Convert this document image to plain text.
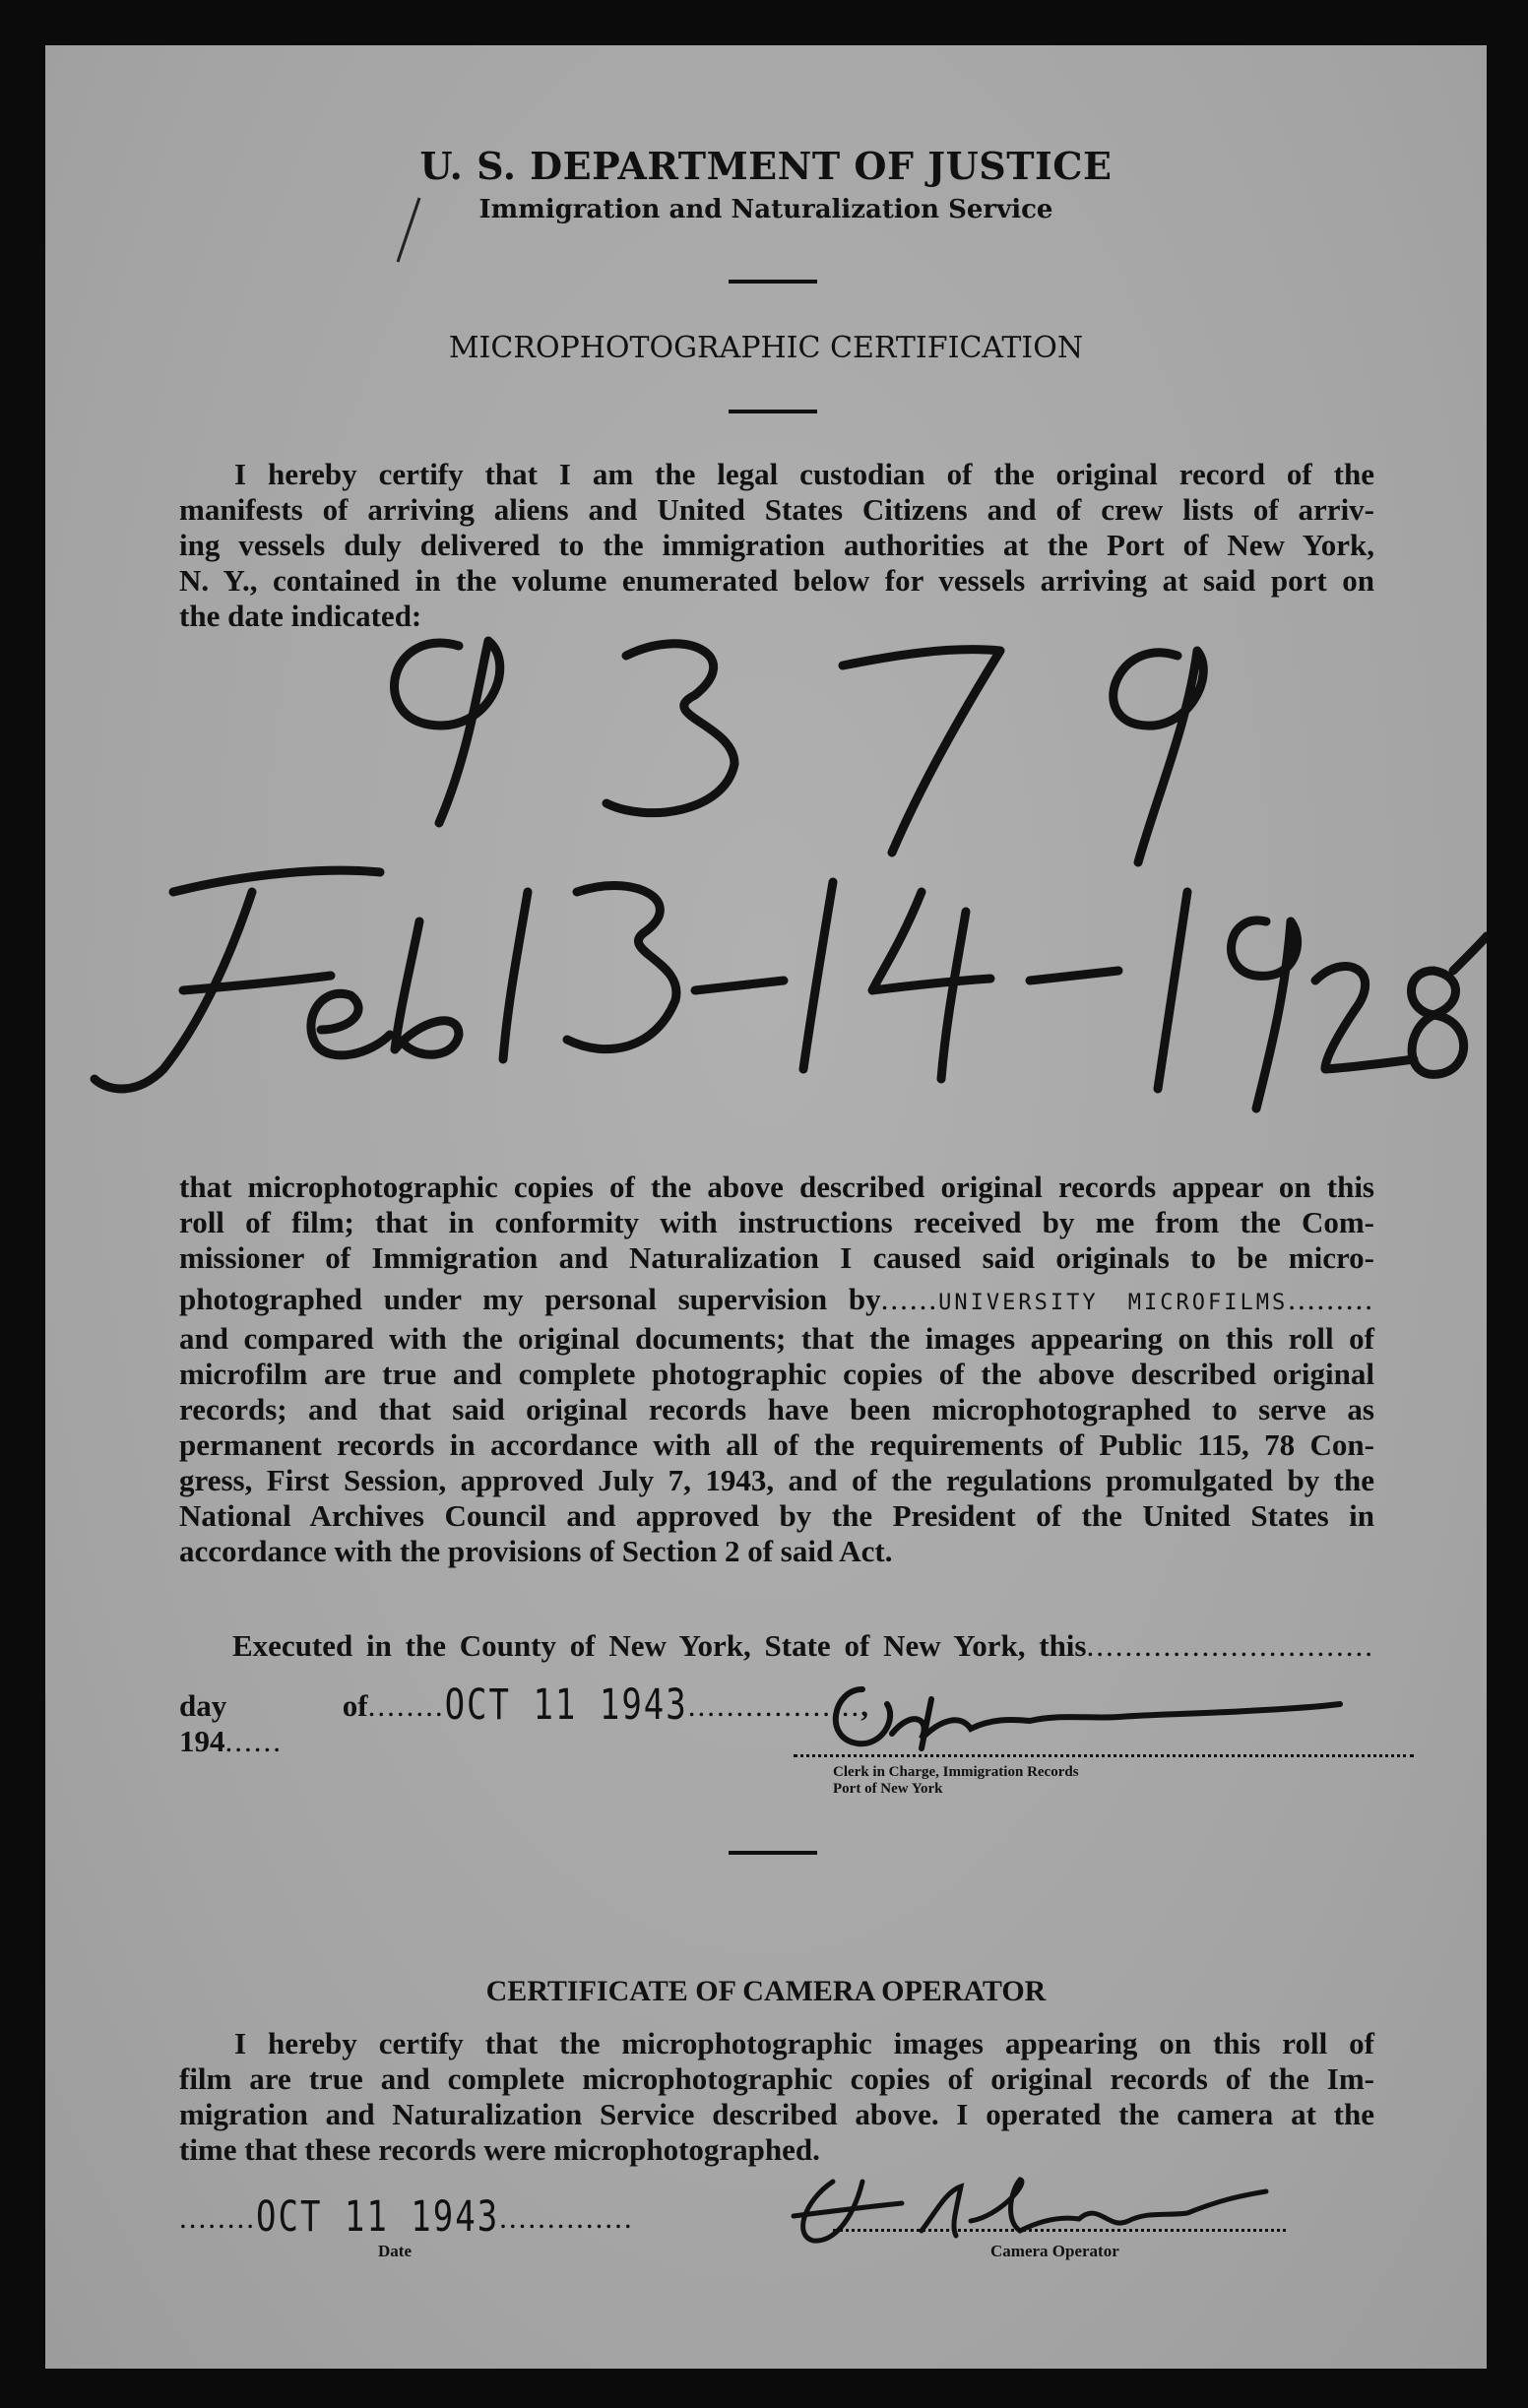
U. S. DEPARTMENT OF JUSTICE
Immigration and Naturalization Service
MICROPHOTOGRAPHIC CERTIFICATION
I hereby certify that I am the legal custodian of the original record of the
manifests of arriving aliens and United States Citizens and of crew lists of arriv-
ing vessels duly delivered to the immigration authorities at the Port of New York,
N. Y., contained in the volume enumerated below for vessels arriving at said port on
the date indicated:
that microphotographic copies of the above described original records appear on this
roll of film; that in conformity with instructions received by me from the Com-
missioner of Immigration and Naturalization I caused said originals to be micro-
photographed under my personal supervision by......UNIVERSITY MICROFILMS.........
and compared with the original documents; that the images appearing on this roll of
microfilm are true and complete photographic copies of the above described original
records; and that said original records have been microphotographed to serve as
permanent records in accordance with all of the requirements of Public 115, 78 Con-
gress, First Session, approved July 7, 1943, and of the regulations promulgated by the
National Archives Council and approved by the President of the United States in
accordance with the provisions of Section 2 of said Act.
Executed in the County of New York, State of New York, this..............................
day of........OCT 11 1943.................., 194......
Clerk in Charge, Immigration Records
Port of New York
CERTIFICATE OF CAMERA OPERATOR
I hereby certify that the microphotographic images appearing on this roll of
film are true and complete microphotographic copies of original records of the Im-
migration and Naturalization Service described above. I operated the camera at the
time that these records were microphotographed.
........OCT 11 1943..............
Date	Camera Operator
